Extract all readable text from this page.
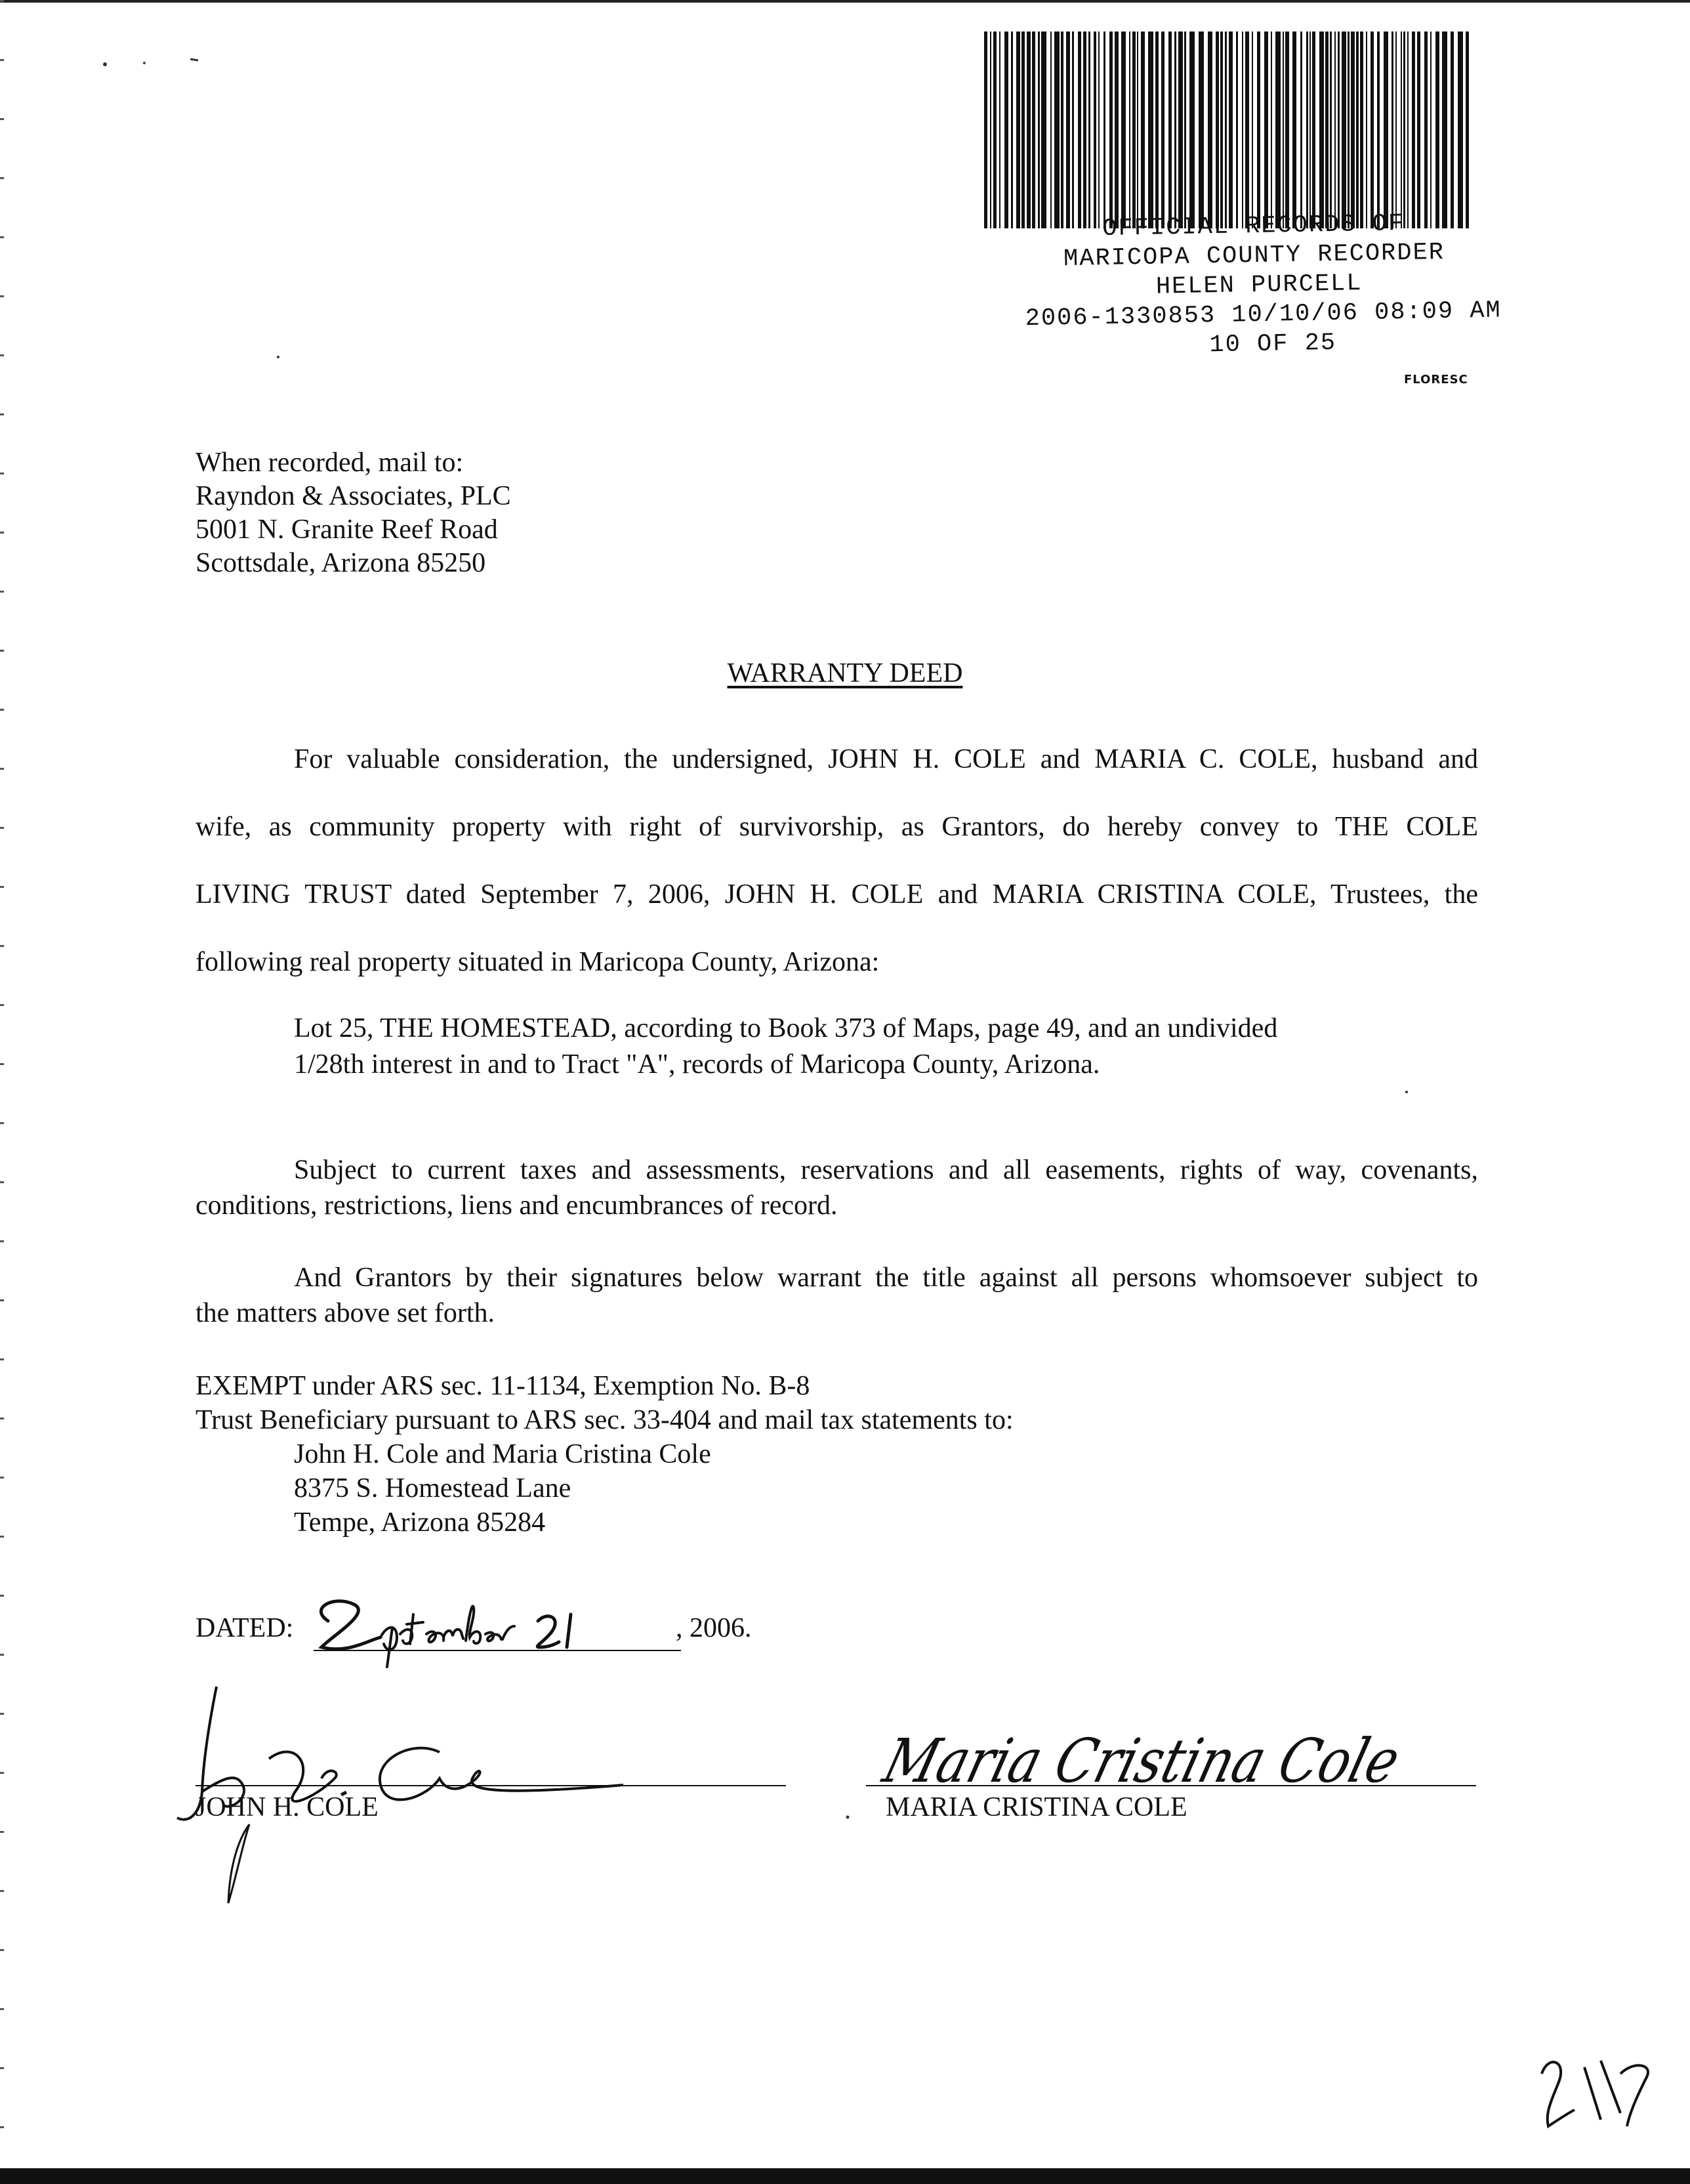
OFFICIAL RECORDS OF
MARICOPA COUNTY RECORDER
HELEN PURCELL
2006-1330853 10/10/06 08:09 AM
10 OF 25
FLORESC
When recorded, mail to:
Rayndon & Associates, PLC
5001 N. Granite Reef Road
Scottsdale, Arizona 85250
WARRANTY DEED
For valuable consideration, the undersigned, JOHN H. COLE and MARIA C. COLE, husband and
wife, as community property with right of survivorship, as Grantors, do hereby convey to THE COLE
LIVING TRUST dated September 7, 2006, JOHN H. COLE and MARIA CRISTINA COLE, Trustees, the
following real property situated in Maricopa County, Arizona:
Lot 25, THE HOMESTEAD, according to Book 373 of Maps, page 49, and an undivided
1/28th interest in and to Tract "A", records of Maricopa County, Arizona.
Subject to current taxes and assessments, reservations and all easements, rights of way, covenants,
conditions, restrictions, liens and encumbrances of record.
And Grantors by their signatures below warrant the title against all persons whomsoever subject to
the matters above set forth.
EXEMPT under ARS sec. 11-1134, Exemption No. B-8
Trust Beneficiary pursuant to ARS sec. 33-404 and mail tax statements to:
John H. Cole and Maria Cristina Cole
8375 S. Homestead Lane
Tempe, Arizona 85284
DATED:	, 2006.
JOHN H. COLE
Maria Cristina Cole
MARIA CRISTINA COLE
